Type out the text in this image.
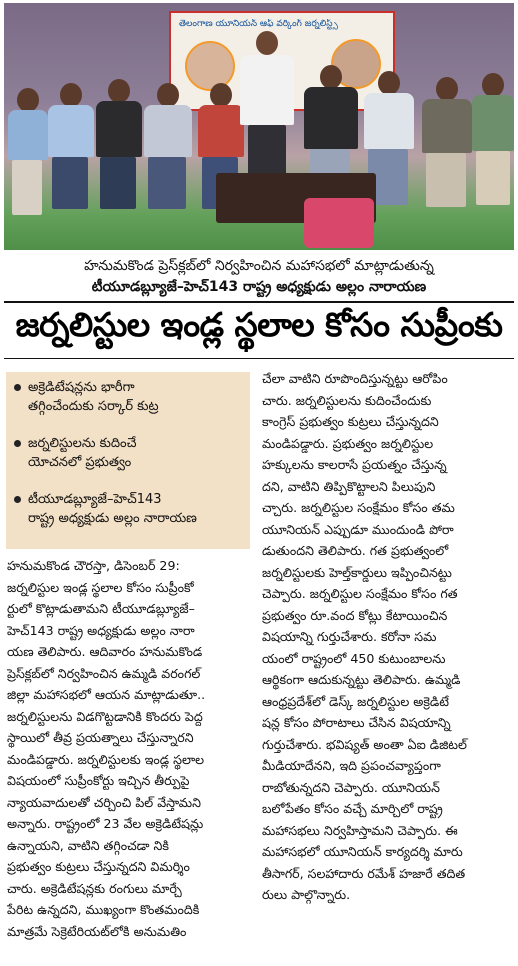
తెలంగాణ యూనియన్ ఆఫ్ వర్కింగ్ జర్నలిస్ట్స్
హనుమకొండ ప్రెస్‌క్లబ్‌లో నిర్వహించిన మహాసభలో మాట్లాడుతున్న
టీయూడబ్ల్యూజే–హెచ్143 రాష్ట్ర అధ్యక్షుడు అల్లం నారాయణ
జర్నలిస్టుల ఇండ్ల స్థలాల కోసం సుప్రీంకు
అక్రెడిటేషన్లను భారీగా
తగ్గించేందుకు సర్కార్ కుట్ర
జర్నలిస్టులను కుదించే
యోచనలో ప్రభుత్వం
టీయూడబ్ల్యూజే–హెచ్143
రాష్ట్ర అధ్యక్షుడు అల్లం నారాయణ
హనుమకొండ చౌరస్తా, డిసెంబర్ 29:
జర్నలిస్టుల ఇండ్ల స్థలాల కోసం సుప్రీంకో
ర్టులో కొట్లాడుతామని టీయూడబ్ల్యూజే–
హెచ్143 రాష్ట్ర అధ్యక్షుడు అల్లం నారా
యణ తెలిపారు. ఆదివారం హనుమకొండ
ప్రెస్‌క్లబ్‌లో నిర్వహించిన ఉమ్మడి వరంగల్
జిల్లా మహాసభలో ఆయన మాట్లాడుతూ..
జర్నలిస్టులను విడగొట్టడానికి కొందరు పెద్ద
స్థాయిలో తీవ్ర ప్రయత్నాలు చేస్తున్నారని
మండిపడ్డారు. జర్నలిస్టులకు ఇండ్ల స్థలాల
విషయంలో సుప్రీంకోర్టు ఇచ్చిన తీర్పుపై
న్యాయవాదులతో చర్చించి పిల్ వేస్తామని
అన్నారు. రాష్ట్రంలో 23 వేల అక్రెడిటేషన్లు
ఉన్నాయని, వాటిని తగ్గించడా నికి
ప్రభుత్వం కుట్రలు చేస్తున్నదని విమర్శిం
చారు. అక్రెడిటేషన్లకు రంగులు మార్చే
పేరిట ఉన్నదని, ముఖ్యంగా కొంతమందికి
మాత్రమే సెక్రెటేరియట్‌లోకి అనుమతిం
చేలా వాటిని రూపొందిస్తున్నట్టు ఆరోపిం
చారు. జర్నలిస్టులను కుదించేందుకు
కాంగ్రెస్ ప్రభుత్వం కుట్రలు చేస్తున్నదని
మండిపడ్డారు. ప్రభుత్వం జర్నలిస్టుల
హక్కులను కాలరాసే ప్రయత్నం చేస్తున్న
దని, వాటిని తిప్పికొట్టాలని పిలుపుని
చ్చారు. జర్నలిస్టుల సంక్షేమం కోసం తమ
యూనియన్ ఎప్పుడూ ముందుండి పోరా
డుతుందని తెలిపారు. గత ప్రభుత్వంలో
జర్నలిస్టులకు హెల్త్‌కార్డులు ఇప్పించినట్టు
చెప్పారు. జర్నలిస్టుల సంక్షేమం కోసం గత
ప్రభుత్వం రూ.వంద కోట్లు కేటాయించిన
విషయాన్ని గుర్తుచేశారు. కరోనా సమ
యంలో రాష్ట్రంలో 450 కుటుంబాలను
ఆర్థికంగా ఆదుకున్నట్టు తెలిపారు. ఉమ్మడి
ఆంధ్రప్రదేశ్‌లో డెస్క్ జర్నలిస్టుల అక్రెడిటే
షన్ల కోసం పోరాటాలు చేసిన విషయాన్ని
గుర్తుచేశారు. భవిష్యత్ అంతా ఏఐ డిజిటల్
మీడియాదేనని, ఇది ప్రపంచవ్యాప్తంగా
రాబోతున్నదని చెప్పారు. యూనియన్
బలోపేతం కోసం వచ్చే మార్చిలో రాష్ట్ర
మహాసభలు నిర్వహిస్తామని చెప్పారు. ఈ
మహాసభలో యూనియన్ కార్యదర్శి మారు
తీసాగర్, సలహాదారు రమేశ్ హజారే తదిత
రులు పాల్గొన్నారు.
